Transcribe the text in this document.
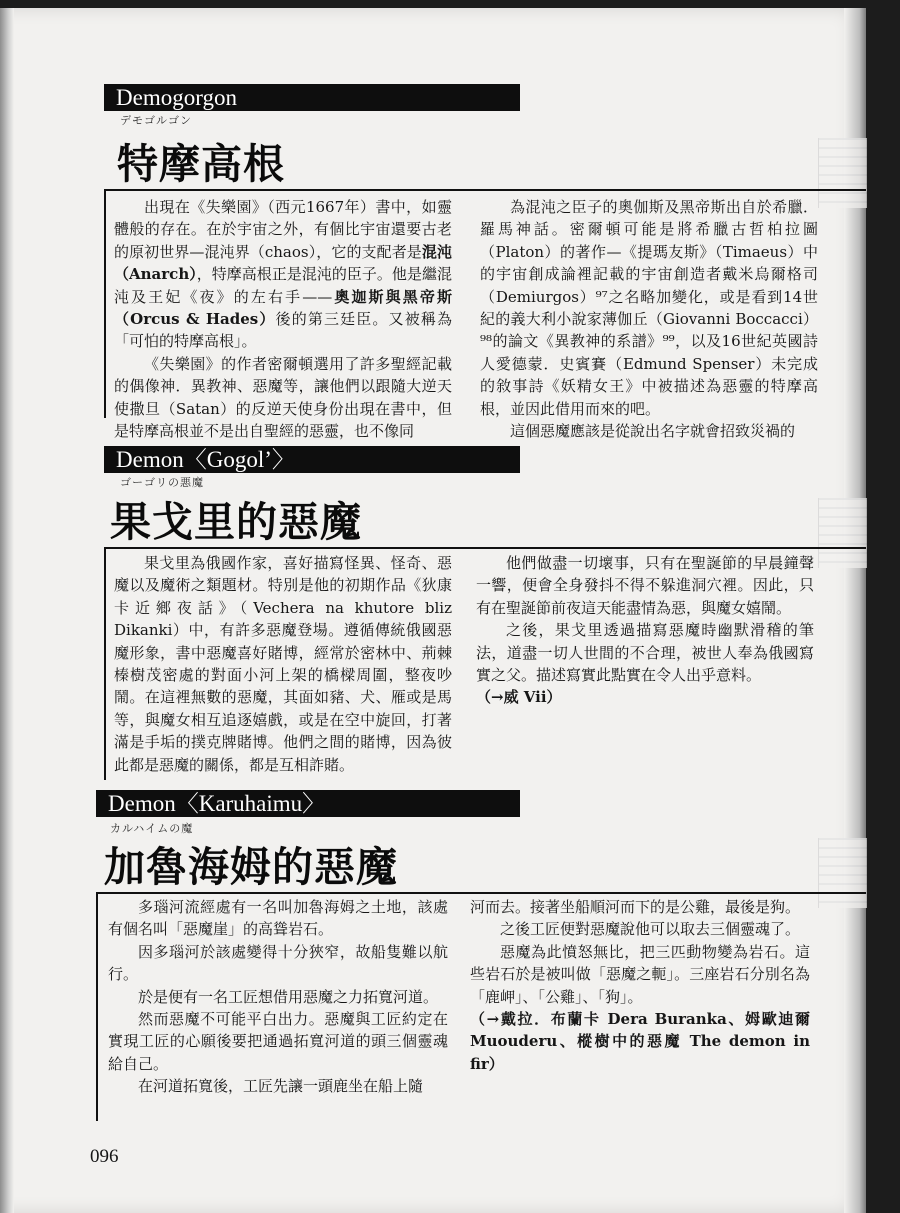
Demogorgon
デモゴルゴン
特摩高根

出現在《失樂園》（西元1667年）書中，如靈體般的存在。在於宇宙之外，有個比宇宙還要古老的原初世界—混沌界（chaos），它的支配者是混沌（Anarch），特摩高根正是混沌的臣子。他是繼混沌及王妃《夜》的左右手——奧迦斯與黑帝斯（Orcus & Hades）後的第三廷臣。又被稱為「可怕的特摩高根」。

《失樂園》的作者密爾頓選用了許多聖經記載的偶像神．異教神、惡魔等，讓他們以跟隨大逆天使撒旦（Satan）的反逆天使身份出現在書中，但是特摩高根並不是出自聖經的惡靈，也不像同

為混沌之臣子的奧伽斯及黑帝斯出自於希臘．羅馬神話。密爾頓可能是將希臘古哲柏拉圖（Platon）的著作—《提瑪友斯》（Timaeus）中的宇宙創成論裡記載的宇宙創造者戴米烏爾格司（Demiurgos）⁹⁷之名略加變化，或是看到14世紀的義大利小說家薄伽丘（Giovanni Boccacci）⁹⁸的論文《異教神的系譜》⁹⁹，以及16世紀英國詩人愛德蒙．史賓賽（Edmund Spenser）未完成的敘事詩《妖精女王》中被描述為惡靈的特摩高根，並因此借用而來的吧。

這個惡魔應該是從說出名字就會招致災禍的

Demon〈Gogol’〉
ゴーゴリの悪魔
果戈里的惡魔

果戈里為俄國作家，喜好描寫怪異、怪奇、惡魔以及魔術之類題材。特別是他的初期作品《狄康卡近鄉夜話》（Vechera na khutore bliz Dikanki）中，有許多惡魔登場。遵循傳統俄國惡魔形象，書中惡魔喜好賭博，經常於密林中、荊棘榛樹茂密處的對面小河上架的橋樑周圍，整夜吵鬧。在這裡無數的惡魔，其面如豬、犬、雁或是馬等，與魔女相互追逐嬉戲，或是在空中旋回，打著滿是手垢的撲克牌賭博。他們之間的賭博，因為彼此都是惡魔的關係，都是互相詐賭。

他們做盡一切壞事，只有在聖誕節的早晨鐘聲一響，便會全身發抖不得不躲進洞穴裡。因此，只有在聖誕節前夜這天能盡情為惡，與魔女嬉鬧。

之後，果戈里透過描寫惡魔時幽默滑稽的筆法，道盡一切人世間的不合理，被世人奉為俄國寫實之父。描述寫實此點實在令人出乎意料。

（→威 Vii）

Demon〈Karuhaimu〉
カルハイムの魔
加魯海姆的惡魔

多瑙河流經處有一名叫加魯海姆之土地，該處有個名叫「惡魔崖」的高聳岩石。

因多瑙河於該處變得十分狹窄，故船隻難以航行。

於是便有一名工匠想借用惡魔之力拓寬河道。

然而惡魔不可能平白出力。惡魔與工匠約定在實現工匠的心願後要把通過拓寬河道的頭三個靈魂給自己。

在河道拓寬後，工匠先讓一頭鹿坐在船上隨

河而去。接著坐船順河而下的是公雞，最後是狗。

之後工匠便對惡魔說他可以取去三個靈魂了。

惡魔為此憤怒無比，把三匹動物變為岩石。這些岩石於是被叫做「惡魔之軛」。三座岩石分別名為「鹿岬」、「公雞」、「狗」。

（→戴拉．布蘭卡 Dera Buranka、姆歐迪爾 Muouderu、樅樹中的惡魔 The demon in fir）

096
